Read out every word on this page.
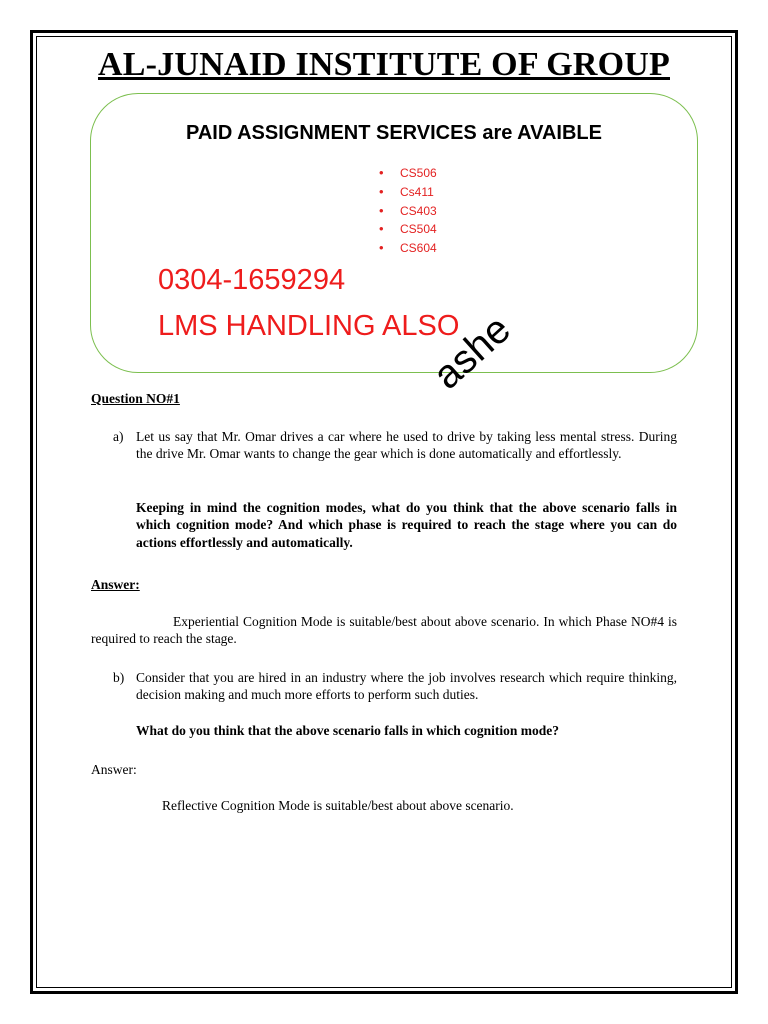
AL-JUNAID INSTITUTE OF GROUP

PAID ASSIGNMENT SERVICES are AVAIBLE

• CS506
• Cs411
• CS403
• CS504
• CS604

0304-1659294

LMS HANDLING ALSO

ashe

Question NO#1

a) Let us say that Mr. Omar drives a car where he used to drive by taking less mental stress. During the drive Mr. Omar wants to change the gear which is done automatically and effortlessly.

Keeping in mind the cognition modes, what do you think that the above scenario falls in which cognition mode? And which phase is required to reach the stage where you can do actions effortlessly and automatically.

Answer:

Experiential Cognition Mode is suitable/best about above scenario. In which Phase NO#4 is required to reach the stage.

b) Consider that you are hired in an industry where the job involves research which require thinking, decision making and much more efforts to perform such duties.

What do you think that the above scenario falls in which cognition mode?

Answer:

Reflective Cognition Mode is suitable/best about above scenario.
